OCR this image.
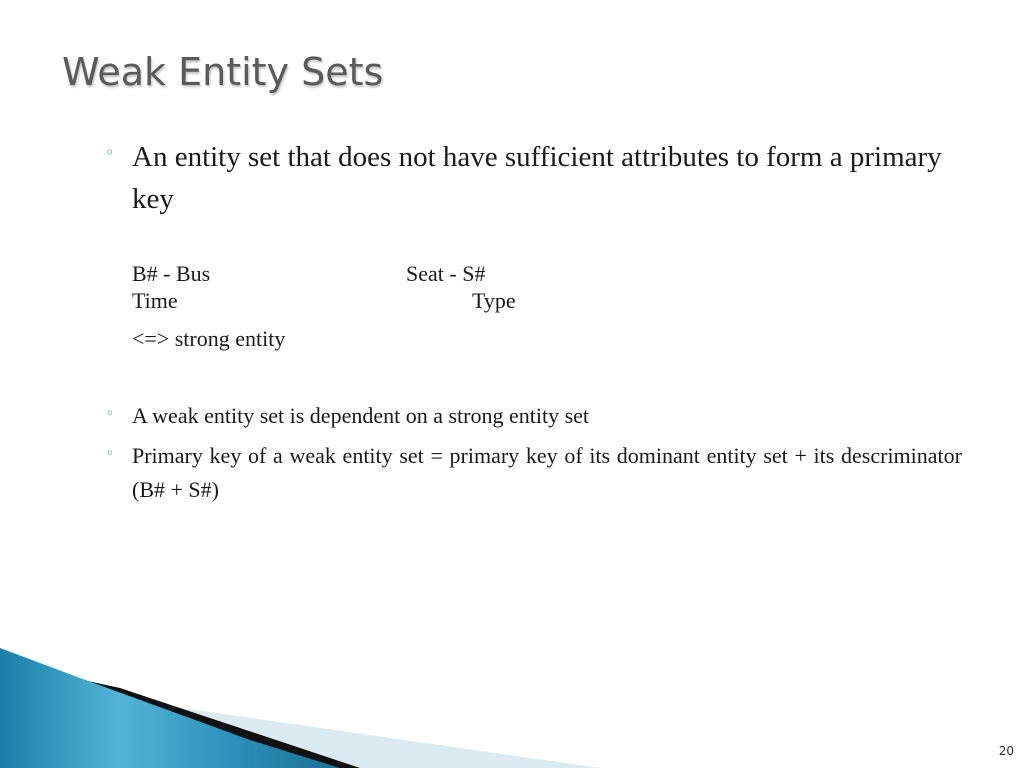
Weak Entity Sets
◦ An entity set that does not have sufficient attributes to form a primary key

B# - Bus	Seat - S#
Time	Type
<=> strong entity
◦ A weak entity set is dependent on a strong entity set
◦ Primary key of a weak entity set = primary key of its dominant entity set + its descriminator (B# + S#)
20
